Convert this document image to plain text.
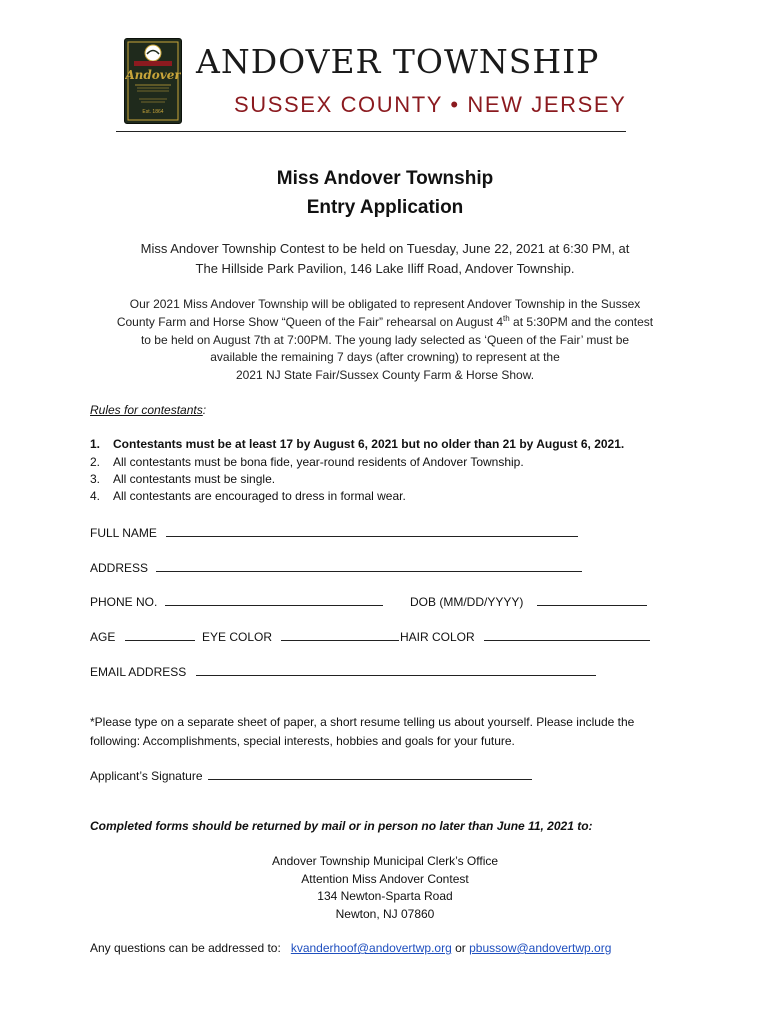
Andover
Est. 1864
ANDOVER TOWNSHIP
SUSSEX COUNTY • NEW JERSEY
Miss Andover Township
Entry Application
Miss Andover Township Contest to be held on Tuesday, June 22, 2021 at 6:30 PM, at
The Hillside Park Pavilion, 146 Lake Iliff Road, Andover Township.
Our 2021 Miss Andover Township will be obligated to represent Andover Township in the Sussex
County Farm and Horse Show “Queen of the Fair” rehearsal on August 4th at 5:30PM and the contest
to be held on August 7th at 7:00PM. The young lady selected as ‘Queen of the Fair’ must be
available the remaining 7 days (after crowning) to represent at the
2021 NJ State Fair/Sussex County Farm & Horse Show.
Rules for contestants:
1. Contestants must be at least 17 by August 6, 2021 but no older than 21 by August 6, 2021.
2. All contestants must be bona fide, year-round residents of Andover Township.
3. All contestants must be single.
4. All contestants are encouraged to dress in formal wear.
FULL NAME
ADDRESS
PHONE NO.	DOB (MM/DD/YYYY)
AGE	EYE COLOR	HAIR COLOR
EMAIL ADDRESS
*Please type on a separate sheet of paper, a short resume telling us about yourself. Please include the
following: Accomplishments, special interests, hobbies and goals for your future.
Applicant’s Signature
Completed forms should be returned by mail or in person no later than June 11, 2021 to:
Andover Township Municipal Clerk’s Office
Attention Miss Andover Contest
134 Newton-Sparta Road
Newton, NJ 07860
Any questions can be addressed to: kvanderhoof@andovertwp.org or pbussow@andovertwp.org
